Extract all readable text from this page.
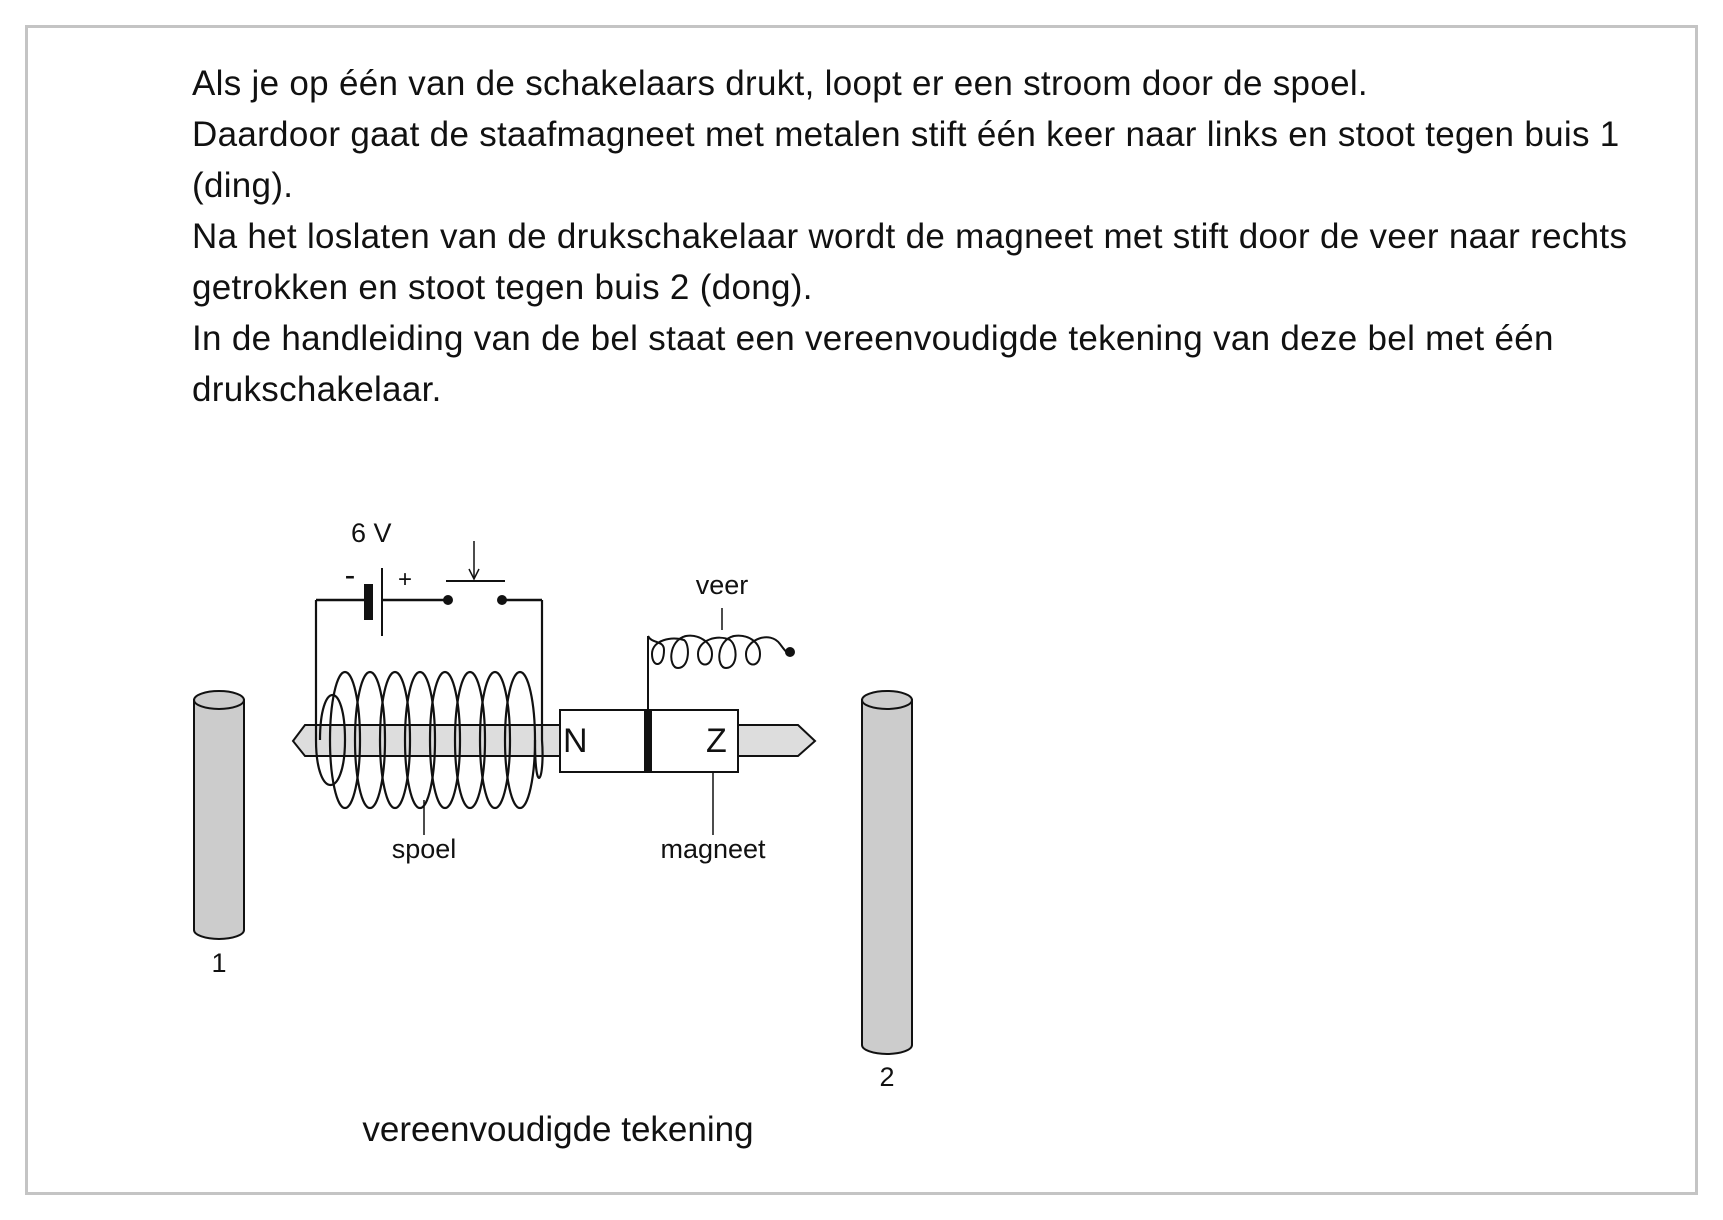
Als je op één van de schakelaars drukt, loopt er een stroom door de spoel.

Daardoor gaat de staafmagneet met metalen stift één keer naar links en stoot tegen buis 1 (ding).

Na het loslaten van de drukschakelaar wordt de magneet met stift door de veer naar rechts getrokken en stoot tegen buis 2 (dong).

In de handleiding van de bel staat een vereenvoudigde tekening van deze bel met één drukschakelaar.

1
2
spoel
- +
6 V
N	Z
magneet
veer
vereenvoudigde tekening
